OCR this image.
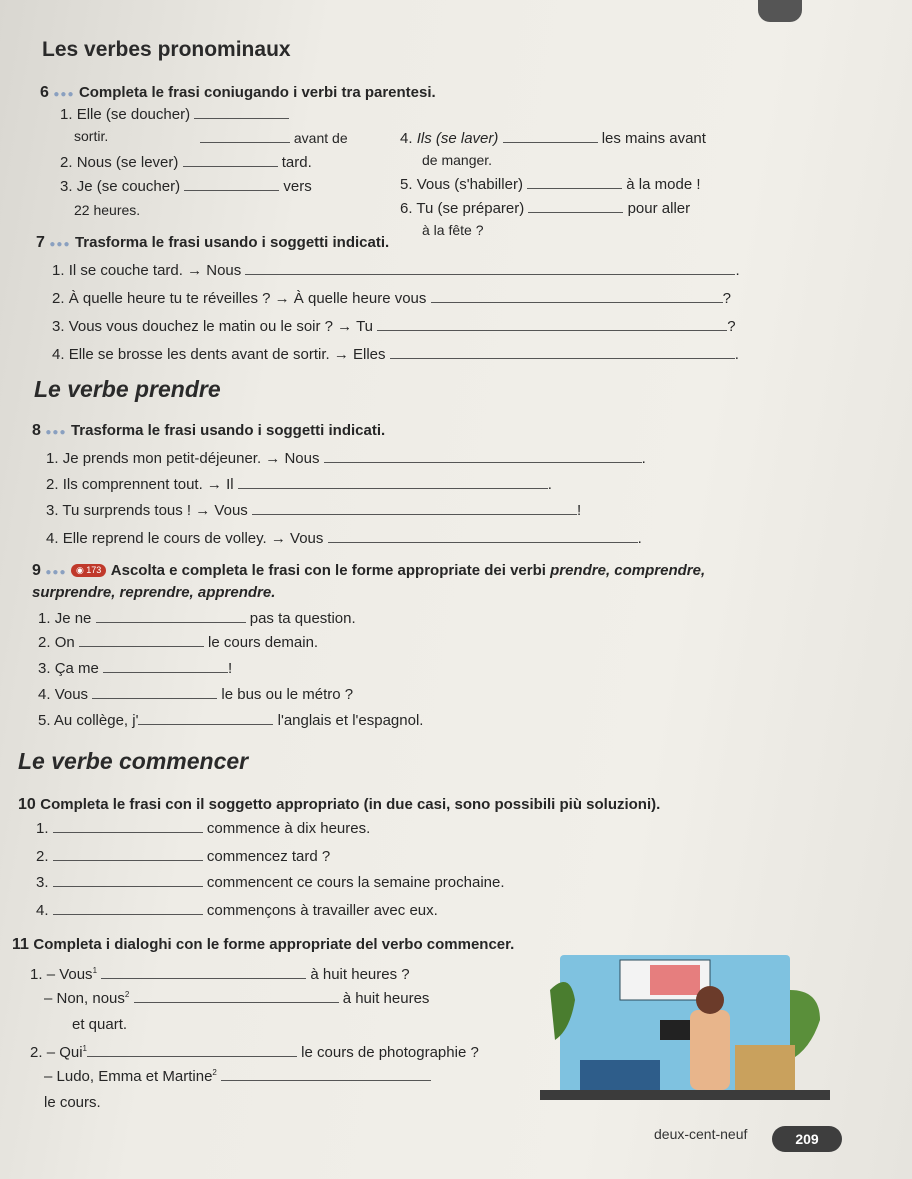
Les verbes pronominaux
6 ●●● Completa le frasi coniugando i verbi tra parentesi.
1. Elle (se doucher)
sortir.	avant de
2. Nous (se lever)	tard.
3. Je (se coucher)	vers
22 heures.
4. Ils (se laver)	les mains avant
de manger.
5. Vous (s'habiller)	à la mode !
6. Tu (se préparer)	pour aller
à la fête ?
7 ●●● Trasforma le frasi usando i soggetti indicati.
1. Il se couche tard. → Nous	.
2. À quelle heure tu te réveilles ? → À quelle heure vous	?
3. Vous vous douchez le matin ou le soir ? → Tu	?
4. Elle se brosse les dents avant de sortir. → Elles	.
Le verbe prendre
8 ●●● Trasforma le frasi usando i soggetti indicati.
1. Je prends mon petit-déjeuner. → Nous	.
2. Ils comprennent tout. → Il	.
3. Tu surprends tous ! → Vous	!
4. Elle reprend le cours de volley. → Vous	.
9 ●●● ◉ 173 Ascolta e completa le frasi con le forme appropriate dei verbi prendre, comprendre,
surprendre, reprendre, apprendre.
1. Je ne	pas ta question.
2. On	le cours demain.
3. Ça me	!
4. Vous	le bus ou le métro ?
5. Au collège, j'	l'anglais et l'espagnol.
Le verbe commencer
10 Completa le frasi con il soggetto appropriato (in due casi, sono possibili più soluzioni).
1.	commence à dix heures.
2.	commencez tard ?
3.	commencent ce cours la semaine prochaine.
4.	commençons à travailler avec eux.
11 Completa i dialoghi con le forme appropriate del verbo commencer.
1. – Vous$^1$	à huit heures ?
– Non, nous$^2$	à huit heures
et quart.
2. – Qui$^1$	le cours de photographie ?
– Ludo, Emma et Martine$^2$
le cours.
deux-cent-neuf	209
